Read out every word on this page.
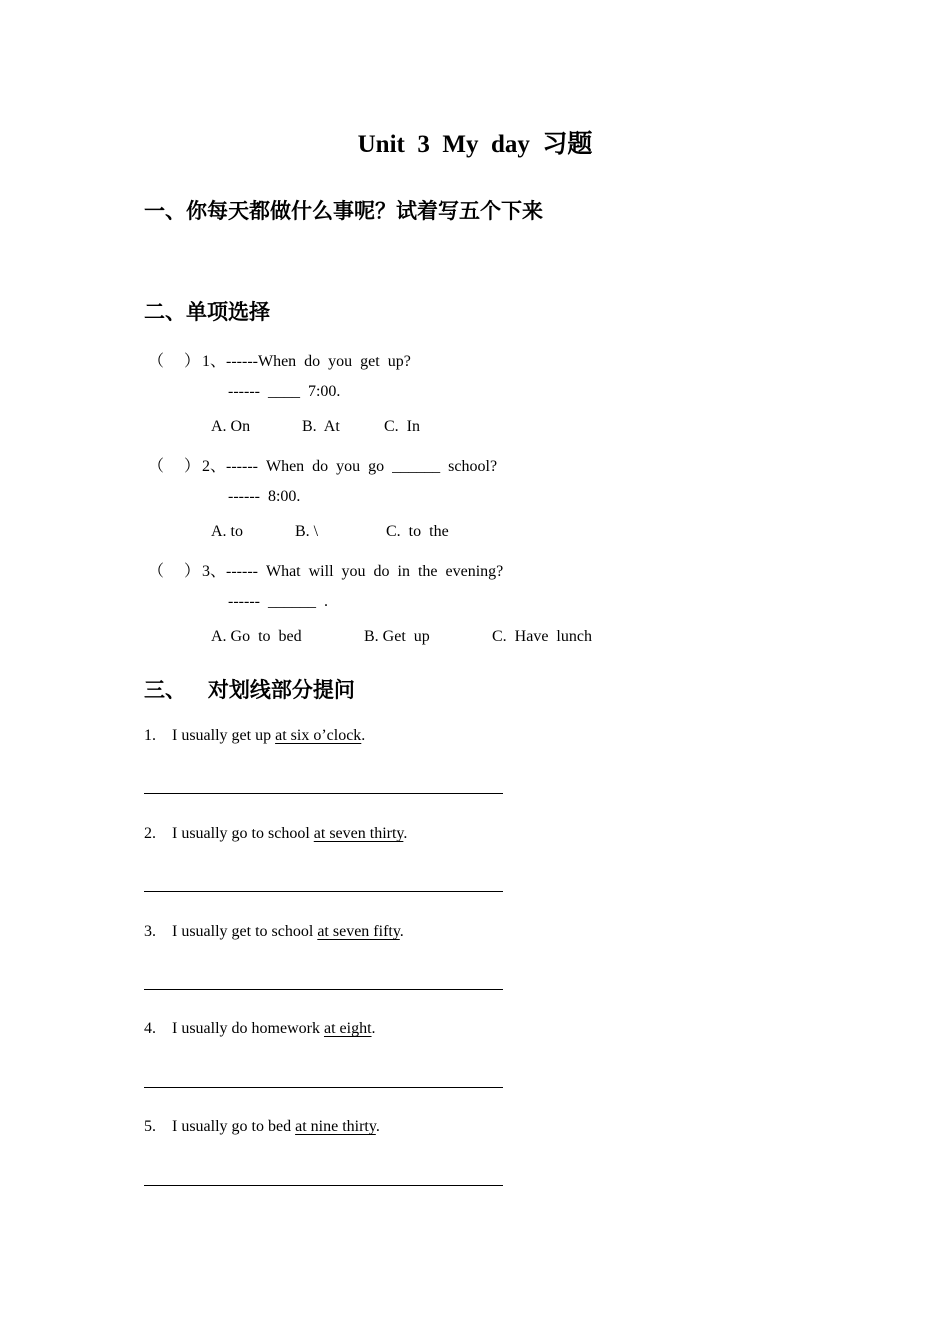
Unit  3  My  day  习题
一、你每天都做什么事呢？试着写五个下来
二、单项选择
（     ） 1、------When  do  you  get  up?
------  ____  7:00.
A. On	B.  At	C.  In
（     ） 2、------  When  do  you  go  ______  school?
------  8:00.
A. to	B. \	C.  to  the
（     ） 3、------  What  will  you  do  in  the  evening?
------  ______  .
A. Go  to  bed	B. Get  up	C.  Have  lunch
三、   对划线部分提问
1. I usually get up at six o’clock.
2. I usually go to school at seven thirty.
3. I usually get to school at seven fifty.
4. I usually do homework at eight.
5. I usually go to bed at nine thirty.
